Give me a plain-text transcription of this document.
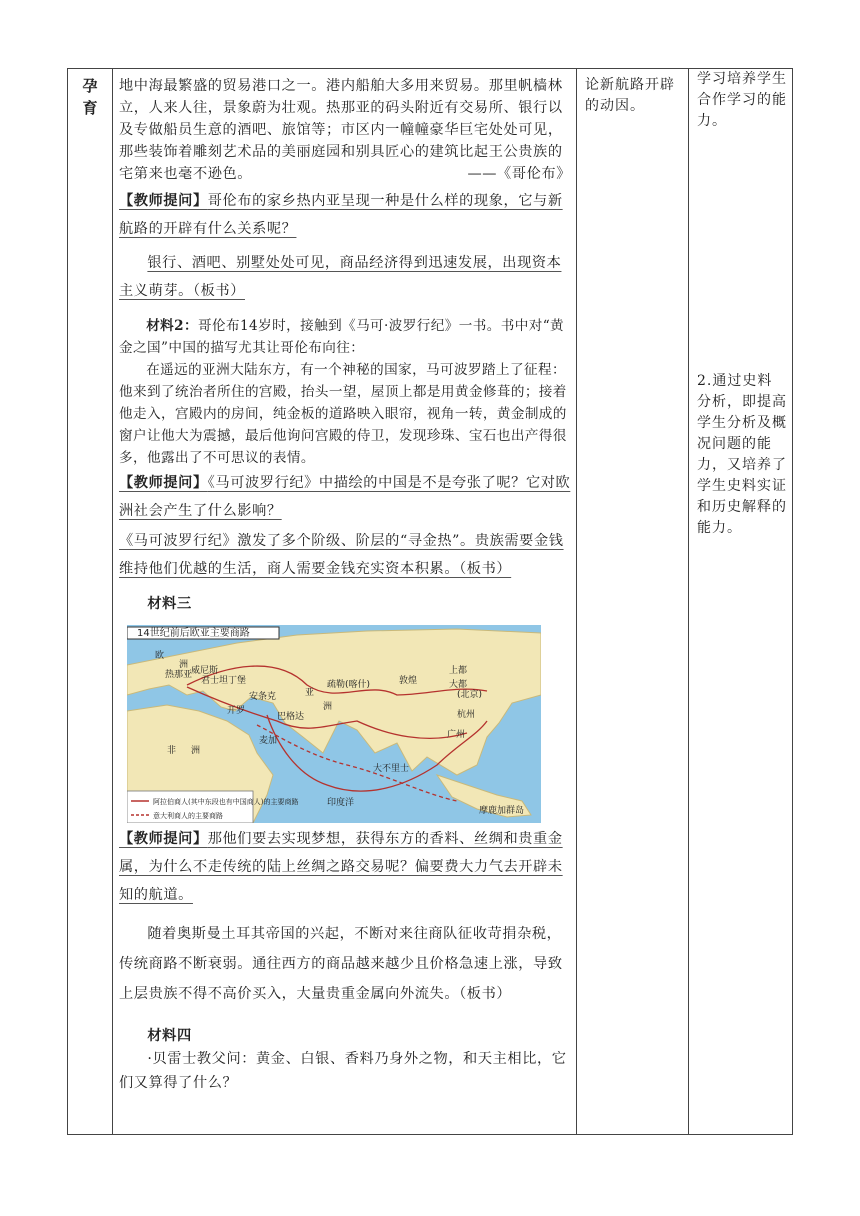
孕育

地中海最繁盛的贸易港口之一。港内船舶大多用来贸易。那里帆樯林立，人来人往，景象蔚为壮观。热那亚的码头附近有交易所、银行以及专做船员生意的酒吧、旅馆等；市区内一幢幢豪华巨宅处处可见，那些装饰着雕刻艺术品的美丽庭园和别具匠心的建筑比起王公贵族的宅第来也毫不逊色。	——《哥伦布》

【教师提问】哥伦布的家乡热内亚呈现一种是什么样的现象，它与新航路的开辟有什么关系呢？

银行、酒吧、别墅处处可见，商品经济得到迅速发展，出现资本主义萌芽。（板书）

材料2：哥伦布14岁时，接触到《马可·波罗行纪》一书。书中对“黄金之国”中国的描写尤其让哥伦布向往：

在遥远的亚洲大陆东方，有一个神秘的国家，马可波罗踏上了征程：他来到了统治者所住的宫殿，抬头一望，屋顶上都是用黄金修葺的；接着他走入，宫殿内的房间，纯金板的道路映入眼帘，视角一转，黄金制成的窗户让他大为震撼，最后他询问宫殿的侍卫，发现珍珠、宝石也出产得很多，他露出了不可思议的表情。

【教师提问】《马可波罗行纪》中描绘的中国是不是夸张了呢？它对欧洲社会产生了什么影响？

《马可波罗行纪》激发了多个阶级、阶层的“寻金热”。贵族需要金钱维持他们优越的生活，商人需要金钱充实资本积累。（板书）

材料三

14世纪前后欧亚主要商路
欧
洲
热那亚
威尼斯
君士坦丁堡
开罗
安条克
巴格达
亚
洲
疏勒(喀什)	敦煌
上都
大都
(北京)
杭州
广州
非 洲
麦加
大不里士
印度洋
摩鹿加群岛
阿拉伯商人(其中东段也有中国商人)的主要商路
意大利商人的主要商路

【教师提问】那他们要去实现梦想，获得东方的香料、丝绸和贵重金属，为什么不走传统的陆上丝绸之路交易呢？偏要费大力气去开辟未知的航道。

随着奥斯曼土耳其帝国的兴起，不断对来往商队征收苛捐杂税，传统商路不断衰弱。通往西方的商品越来越少且价格急速上涨，导致上层贵族不得不高价买入，大量贵重金属向外流失。（板书）

材料四

·贝雷士教父问：黄金、白银、香料乃身外之物，和天主相比，它们又算得了什么？

论新航路开辟的动因。
学习培养学生合作学习的能力。
2.通过史料分析，即提高学生分析及概况问题的能力，又培养了学生史料实证和历史解释的能力。
